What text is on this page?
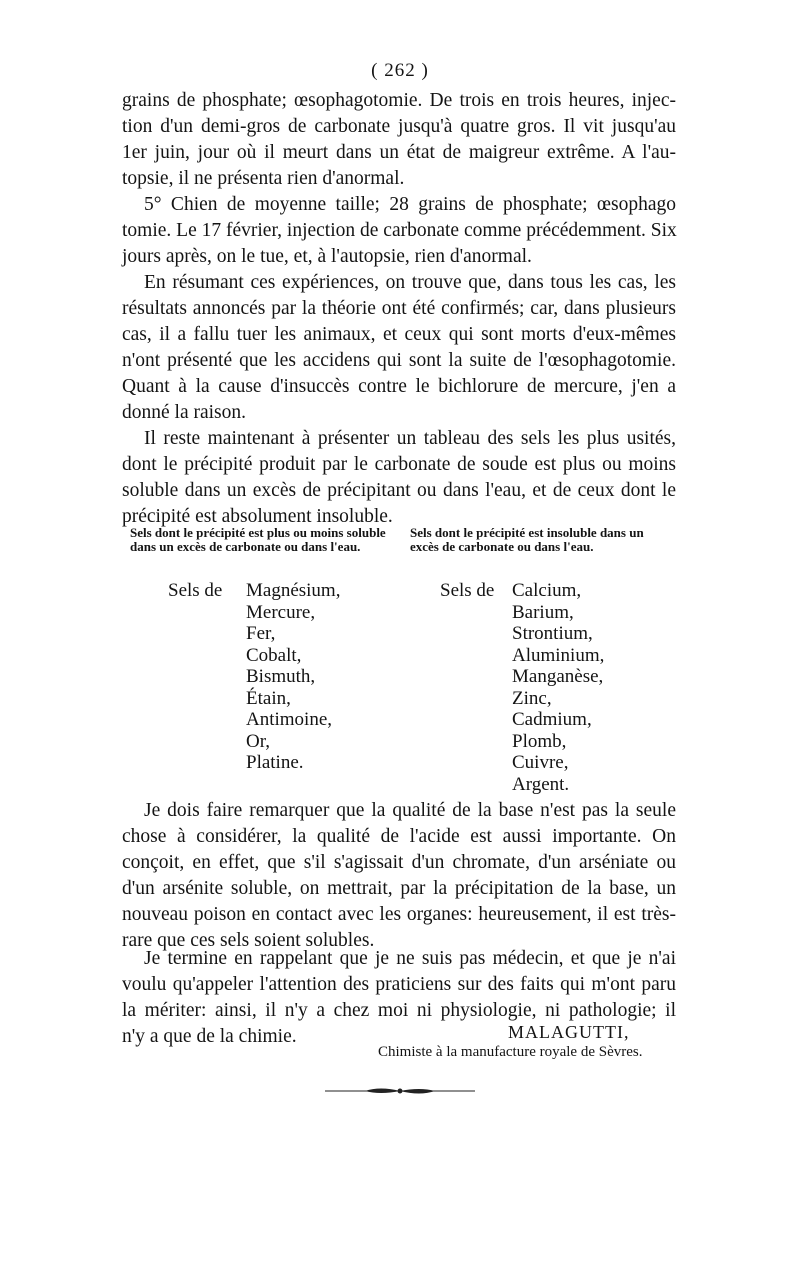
( 262 )
grains de phosphate; œsophagotomie. De trois en trois heures, injec-
tion d'un demi-gros de carbonate jusqu'à quatre gros. Il vit jusqu'au
1er juin, jour où il meurt dans un état de maigreur extrême. A l'au-
topsie, il ne présenta rien d'anormal.
5° Chien de moyenne taille; 28 grains de phosphate; œsophago
tomie. Le 17 février, injection de carbonate comme précédemment. Six
jours après, on le tue, et, à l'autopsie, rien d'anormal.
En résumant ces expériences, on trouve que, dans tous les cas, les
résultats annoncés par la théorie ont été confirmés; car, dans plusieurs
cas, il a fallu tuer les animaux, et ceux qui sont morts d'eux-mêmes
n'ont présenté que les accidens qui sont la suite de l'œsophagotomie.
Quant à la cause d'insuccès contre le bichlorure de mercure, j'en a
donné la raison.
Il reste maintenant à présenter un tableau des sels les plus usités,
dont le précipité produit par le carbonate de soude est plus ou moins
soluble dans un excès de précipitant ou dans l'eau, et de ceux dont le
précipité est absolument insoluble.
Sels dont le précipité est plus ou moins soluble dans un excès de carbonate ou dans l'eau.
Sels dont le précipité est insoluble dans un excès de carbonate ou dans l'eau.
Sels de Magnésium,
Mercure,
Fer,
Cobalt,
Bismuth,
Étain,
Antimoine,
Or,
Platine.
Sels de Calcium,
Barium,
Strontium,
Aluminium,
Manganèse,
Zinc,
Cadmium,
Plomb,
Cuivre,
Argent.
Je dois faire remarquer que la qualité de la base n'est pas la seule
chose à considérer, la qualité de l'acide est aussi importante. On
conçoit, en effet, que s'il s'agissait d'un chromate, d'un arséniate ou
d'un arsénite soluble, on mettrait, par la précipitation de la base, un
nouveau poison en contact avec les organes: heureusement, il est très-
rare que ces sels soient solubles.
Je termine en rappelant que je ne suis pas médecin, et que je n'ai
voulu qu'appeler l'attention des praticiens sur des faits qui m'ont paru
la mériter: ainsi, il n'y a chez moi ni physiologie, ni pathologie; il
n'y a que de la chimie.	MALAGUTTI,
Chimiste à la manufacture royale de Sèvres.
